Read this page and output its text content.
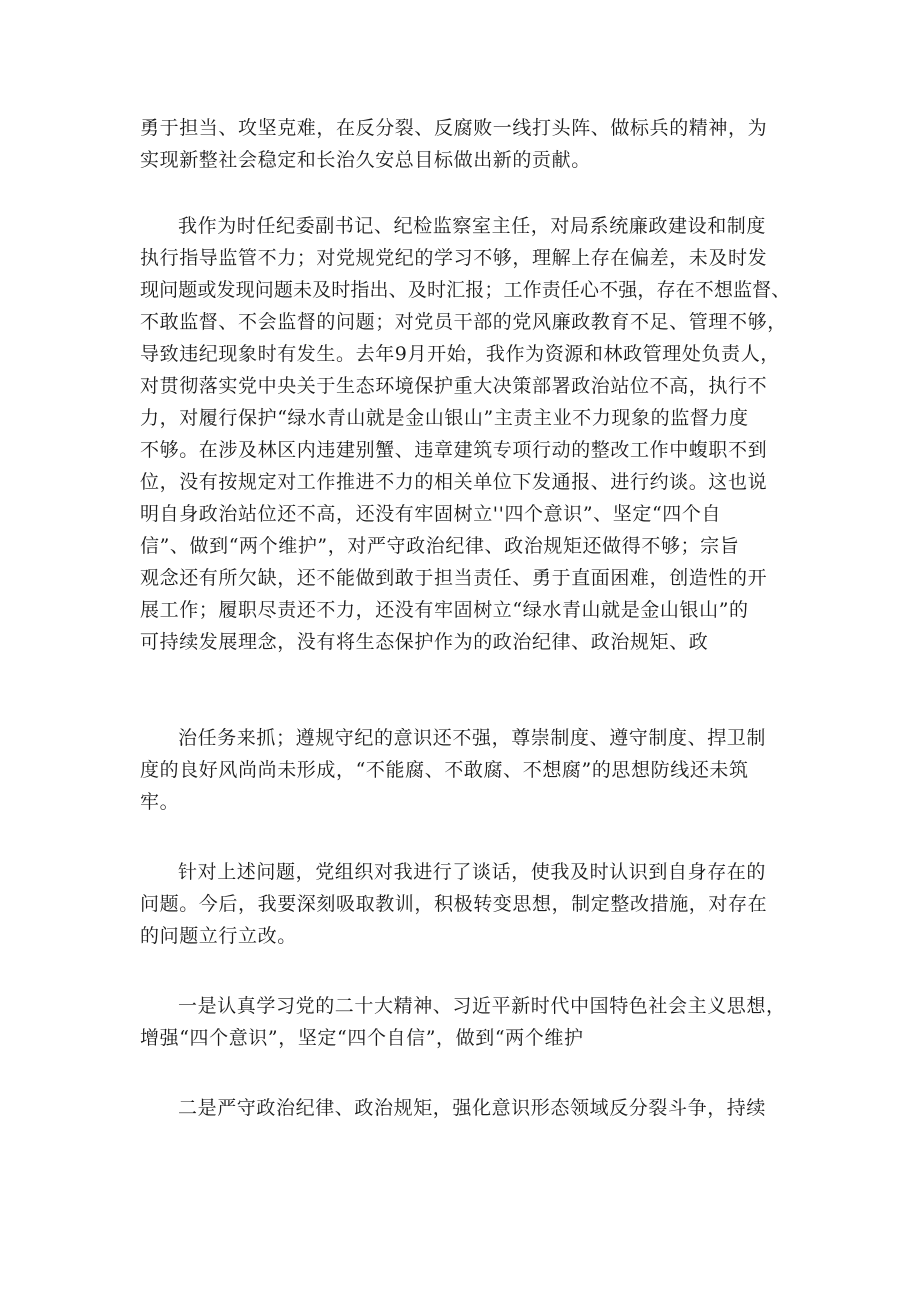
勇于担当、攻坚克难，在反分裂、反腐败一线打头阵、做标兵的精神，为
实现新整社会稳定和长治久安总目标做出新的贡献。
我作为时任纪委副书记、纪检监察室主任，对局系统廉政建设和制度
执行指导监管不力；对党规党纪的学习不够，理解上存在偏差，未及时发
现问题或发现问题未及时指出、及时汇报；工作责任心不强，存在不想监督、
不敢监督、不会监督的问题；对党员干部的党风廉政教育不足、管理不够，
导致违纪现象时有发生。去年9月开始，我作为资源和林政管理处负责人，
对贯彻落实党中央关于生态环境保护重大决策部署政治站位不高，执行不
力，对履行保护“绿水青山就是金山银山”主责主业不力现象的监督力度
不够。在涉及林区内违建别蟹、违章建筑专项行动的整改工作中蝮职不到
位，没有按规定对工作推进不力的相关单位下发通报、进行约谈。这也说
明自身政治站位还不高，还没有牢固树立''四个意识”、坚定“四个自
信”、做到“两个维护”，对严守政治纪律、政治规矩还做得不够；宗旨
观念还有所欠缺，还不能做到敢于担当责任、勇于直面困难，创造性的开
展工作；履职尽责还不力，还没有牢固树立“绿水青山就是金山银山”的
可持续发展理念，没有将生态保护作为的政治纪律、政治规矩、政
治任务来抓；遵规守纪的意识还不强，尊崇制度、遵守制度、捍卫制
度的良好风尚尚未形成，“不能腐、不敢腐、不想腐”的思想防线还未筑
牢。
针对上述问题，党组织对我进行了谈话，使我及时认识到自身存在的
问题。今后，我要深刻吸取教训，积极转变思想，制定整改措施，对存在
的问题立行立改。
一是认真学习党的二十大精神、习近平新时代中国特色社会主义思想，
增强“四个意识”，坚定“四个自信”，做到“两个维护
二是严守政治纪律、政治规矩，强化意识形态领域反分裂斗争，持续
